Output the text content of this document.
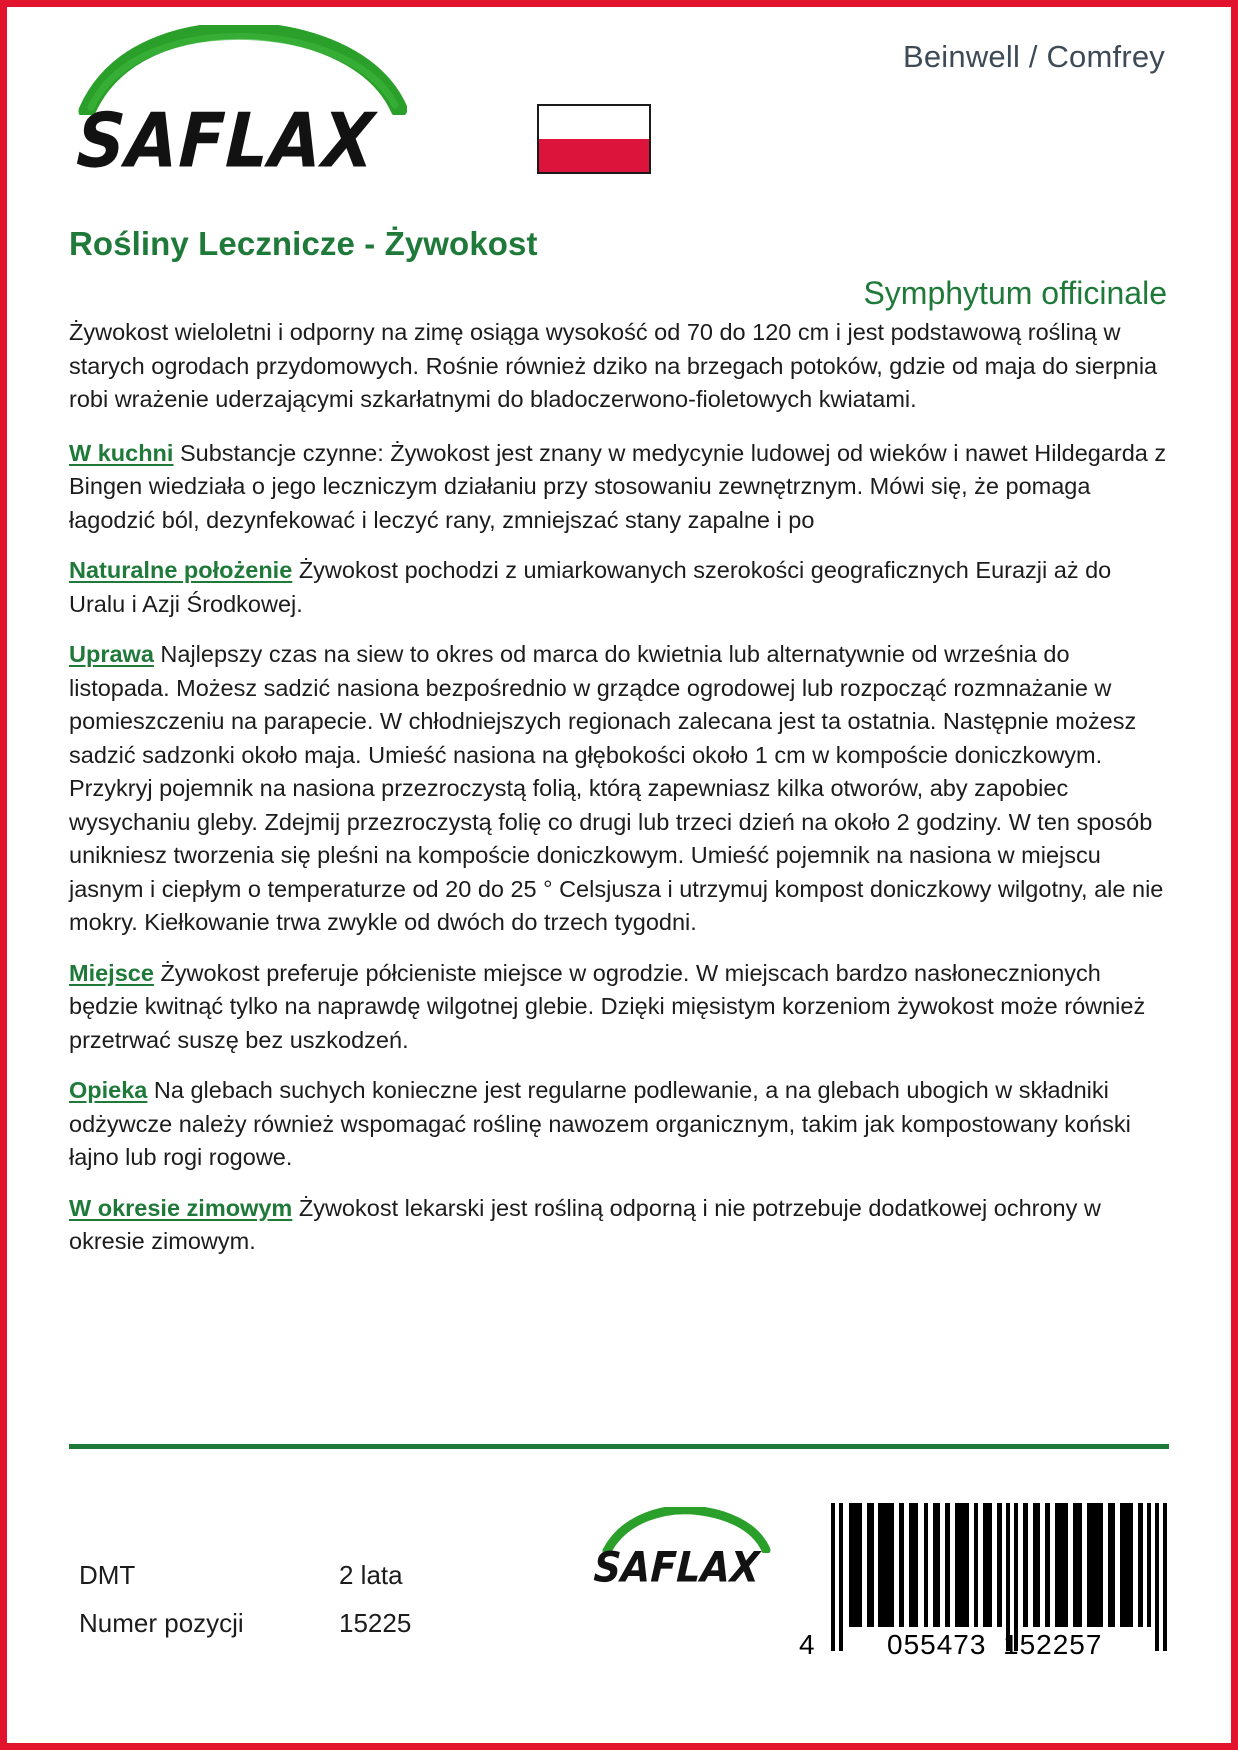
SAFLAX
Beinwell / Comfrey
Rośliny Lecznicze - Żywokost
Symphytum officinale

Żywokost wieloletni i odporny na zimę osiąga wysokość od 70 do 120 cm i jest podstawową rośliną w starych ogrodach przydomowych. Rośnie również dziko na brzegach potoków, gdzie od maja do sierpnia robi wrażenie uderzającymi szkarłatnymi do bladoczerwono-fioletowych kwiatami.

W kuchni Substancje czynne: Żywokost jest znany w medycynie ludowej od wieków i nawet Hildegarda z Bingen wiedziała o jego leczniczym działaniu przy stosowaniu zewnętrznym. Mówi się, że pomaga łagodzić ból, dezynfekować i leczyć rany, zmniejszać stany zapalne i po

Naturalne położenie Żywokost pochodzi z umiarkowanych szerokości geograficznych Eurazji aż do Uralu i Azji Środkowej.

Uprawa Najlepszy czas na siew to okres od marca do kwietnia lub alternatywnie od września do listopada. Możesz sadzić nasiona bezpośrednio w grządce ogrodowej lub rozpocząć rozmnażanie w pomieszczeniu na parapecie. W chłodniejszych regionach zalecana jest ta ostatnia. Następnie możesz sadzić sadzonki około maja. Umieść nasiona na głębokości około 1 cm w kompoście doniczkowym. Przykryj pojemnik na nasiona przezroczystą folią, którą zapewniasz kilka otworów, aby zapobiec wysychaniu gleby. Zdejmij przezroczystą folię co drugi lub trzeci dzień na około 2 godziny. W ten sposób unikniesz tworzenia się pleśni na kompoście doniczkowym. Umieść pojemnik na nasiona w miejscu jasnym i ciepłym o temperaturze od 20 do 25 ° Celsjusza i utrzymuj kompost doniczkowy wilgotny, ale nie mokry. Kiełkowanie trwa zwykle od dwóch do trzech tygodni.

Miejsce Żywokost preferuje półcieniste miejsce w ogrodzie. W miejscach bardzo nasłonecznionych będzie kwitnąć tylko na naprawdę wilgotnej glebie. Dzięki mięsistym korzeniom żywokost może również przetrwać suszę bez uszkodzeń.

Opieka Na glebach suchych konieczne jest regularne podlewanie, a na glebach ubogich w składniki odżywcze należy również wspomagać roślinę nawozem organicznym, takim jak kompostowany koński łajno lub rogi rogowe.

W okresie zimowym Żywokost lekarski jest rośliną odporną i nie potrzebuje dodatkowej ochrony w okresie zimowym.

DMT	2 lata
Numer pozycji	15225
SAFLAX
4	055473 152257
